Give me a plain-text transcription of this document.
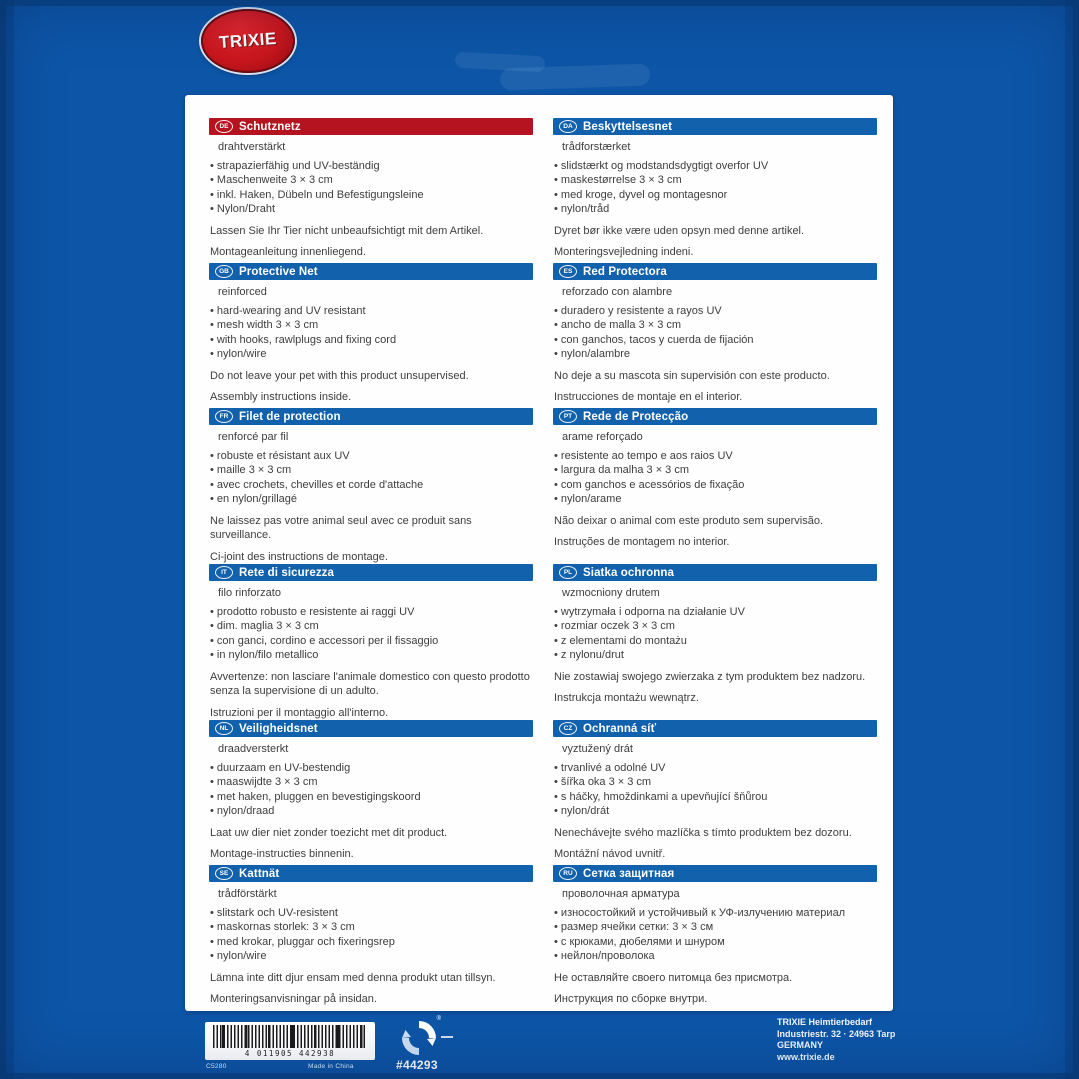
TRIXIE
DE Schutznetz
drahtverstärkt
• strapazierfähig und UV-beständig
• Maschenweite 3 × 3 cm
• inkl. Haken, Dübeln und Befestigungsleine
• Nylon/Draht

Lassen Sie Ihr Tier nicht unbeaufsichtigt mit dem Artikel.

Montageanleitung innenliegend.

DA Beskyttelsesnet
trådforstærket
• slidstærkt og modstandsdygtigt overfor UV
• maskestørrelse 3 × 3 cm
• med kroge, dyvel og montagesnor
• nylon/tråd

Dyret bør ikke være uden opsyn med denne artikel.

Monteringsvejledning indeni.

GB Protective Net
reinforced
• hard-wearing and UV resistant
• mesh width 3 × 3 cm
• with hooks, rawlplugs and fixing cord
• nylon/wire

Do not leave your pet with this product unsupervised.

Assembly instructions inside.

ES Red Protectora
reforzado con alambre
• duradero y resistente a rayos UV
• ancho de malla 3 × 3 cm
• con ganchos, tacos y cuerda de fijación
• nylon/alambre

No deje a su mascota sin supervisión con este producto.

Instrucciones de montaje en el interior.

FR Filet de protection
renforcé par fil
• robuste et résistant aux UV
• maille 3 × 3 cm
• avec crochets, chevilles et corde d'attache
• en nylon/grillagé

Ne laissez pas votre animal seul avec ce produit sans surveillance.

Ci-joint des instructions de montage.

PT Rede de Protecção
arame reforçado
• resistente ao tempo e aos raios UV
• largura da malha 3 × 3 cm
• com ganchos e acessórios de fixação
• nylon/arame

Não deixar o animal com este produto sem supervisão.

Instruções de montagem no interior.

IT	Rete di sicurezza
filo rinforzato
• prodotto robusto e resistente ai raggi UV
• dim. maglia 3 × 3 cm
• con ganci, cordino e accessori per il fissaggio
• in nylon/filo metallico

Avvertenze: non lasciare l'animale domestico con questo prodotto senza la supervisione di un adulto.

Istruzioni per il montaggio all'interno.

PL Siatka ochronna
wzmocniony drutem
• wytrzymała i odporna na działanie UV
• rozmiar oczek 3 × 3 cm
• z elementami do montażu
• z nylonu/drut

Nie zostawiaj swojego zwierzaka z tym produktem bez nadzoru.

Instrukcja montażu wewnątrz.

NL Veiligheidsnet
draadversterkt
• duurzaam en UV-bestendig
• maaswijdte 3 × 3 cm
• met haken, pluggen en bevestigingskoord
• nylon/draad

Laat uw dier niet zonder toezicht met dit product.

Montage-instructies binnenin.

CZ Ochranná síť
vyztužený drát
• trvanlivé a odolné UV
• šířka oka 3 × 3 cm
• s háčky, hmoždinkami a upevňující šňůrou
• nylon/drát

Nenechávejte svého mazlíčka s tímto produktem bez dozoru.

Montážní návod uvnitř.

SE Kattnät
trådförstärkt
• slitstark och UV-resistent
• maskornas storlek: 3 × 3 cm
• med krokar, pluggar och fixeringsrep
• nylon/wire

Lämna inte ditt djur ensam med denna produkt utan tillsyn.

Monteringsanvisningar på insidan.

RU Сетка защитная
проволочная арматура
• износостойкий и устойчивый к УФ-излучению материал
• размер ячейки сетки: 3 × 3 см
• с крюками, дюбелями и шнуром
• нейлон/проволока

Не оставляйте своего питомца без присмотра.

Инструкция по сборке внутри.

4 011905 442938
C5280	Made in China
®
#44293
TRIXIE Heimtierbedarf
Industriestr. 32 · 24963 Tarp
GERMANY
www.trixie.de
